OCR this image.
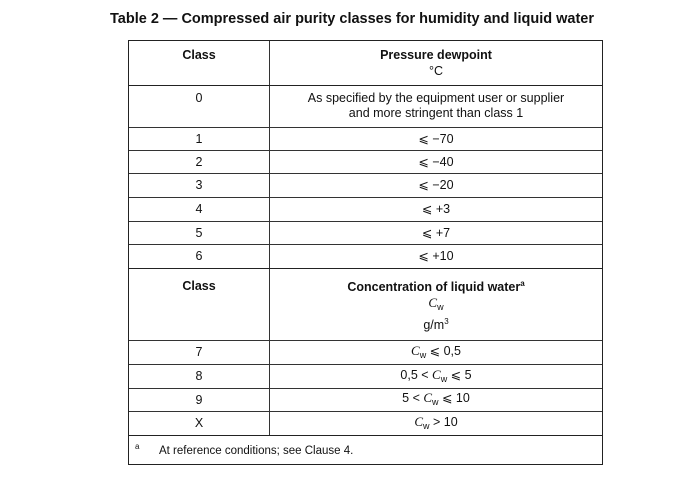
Table 2 — Compressed air purity classes for humidity and liquid water
Class	Pressure dewpoint
°C
0	As specified by the equipment user or supplier
and more stringent than class 1
1	⩽ −70
2	⩽ −40
3	⩽ −20
4	⩽ +3
5	⩽ +7
6	⩽ +10
Class	Concentration of liquid water$^a$
$C_w$
$g/m^3$
7	$C_w$ ⩽ 0,5
8	$0,5 < C_w$ ⩽ 5
9	$5 < C_w$ ⩽ 10
X	$C_w > 10$
a At reference conditions; see Clause 4.
